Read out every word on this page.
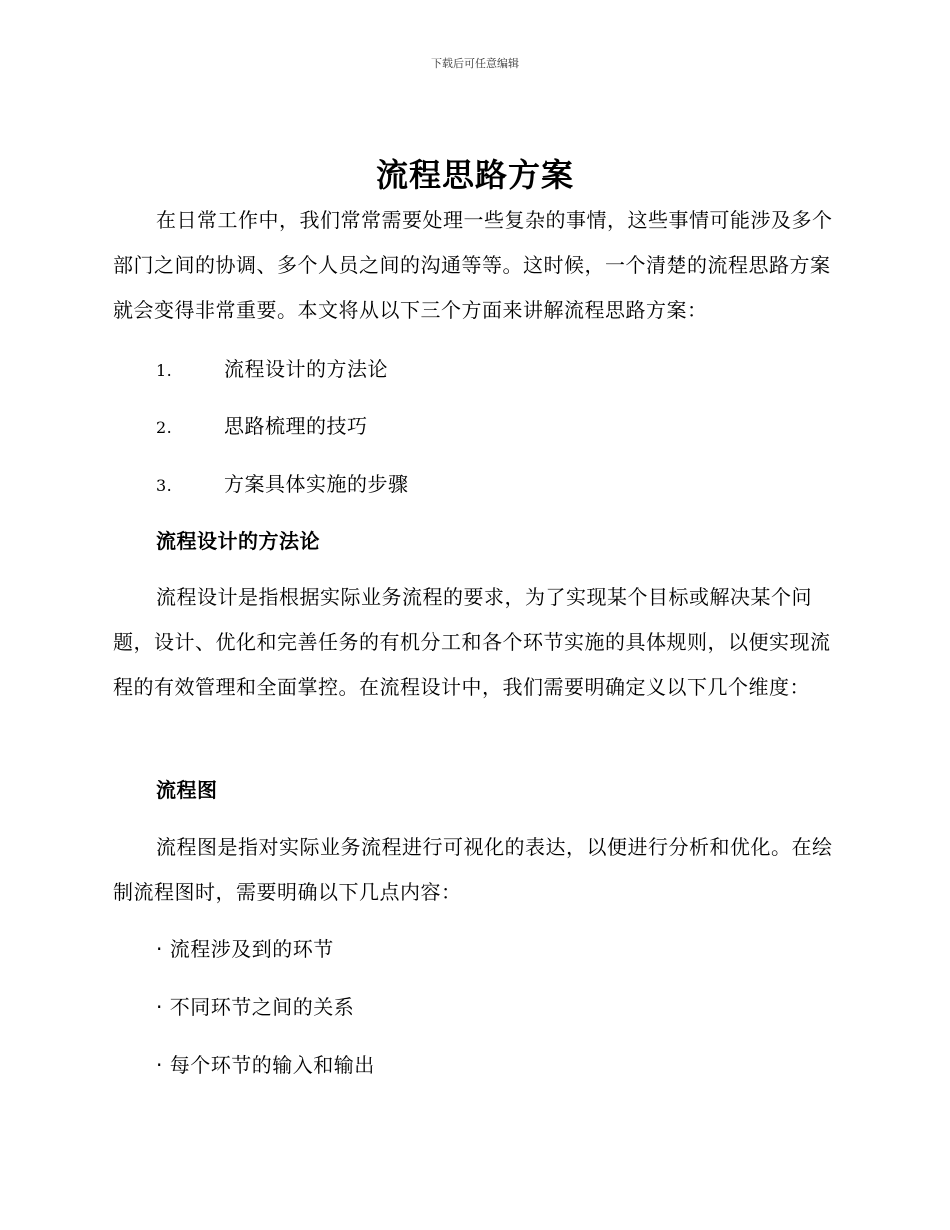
下载后可任意编辑
流程思路方案

在日常工作中，我们常常需要处理一些复杂的事情，这些事情可能涉及多个部门之间的协调、多个人员之间的沟通等等。这时候，一个清楚的流程思路方案就会变得非常重要。本文将从以下三个方面来讲解流程思路方案：

1.	流程设计的方法论
2.	思路梳理的技巧
3.	方案具体实施的步骤
流程设计的方法论

流程设计是指根据实际业务流程的要求，为了实现某个目标或解决某个问题，设计、优化和完善任务的有机分工和各个环节实施的具体规则，以便实现流程的有效管理和全面掌控。在流程设计中，我们需要明确定义以下几个维度：

流程图

流程图是指对实际业务流程进行可视化的表达，以便进行分析和优化。在绘制流程图时，需要明确以下几点内容：

· 流程涉及到的环节
· 不同环节之间的关系
· 每个环节的输入和输出
